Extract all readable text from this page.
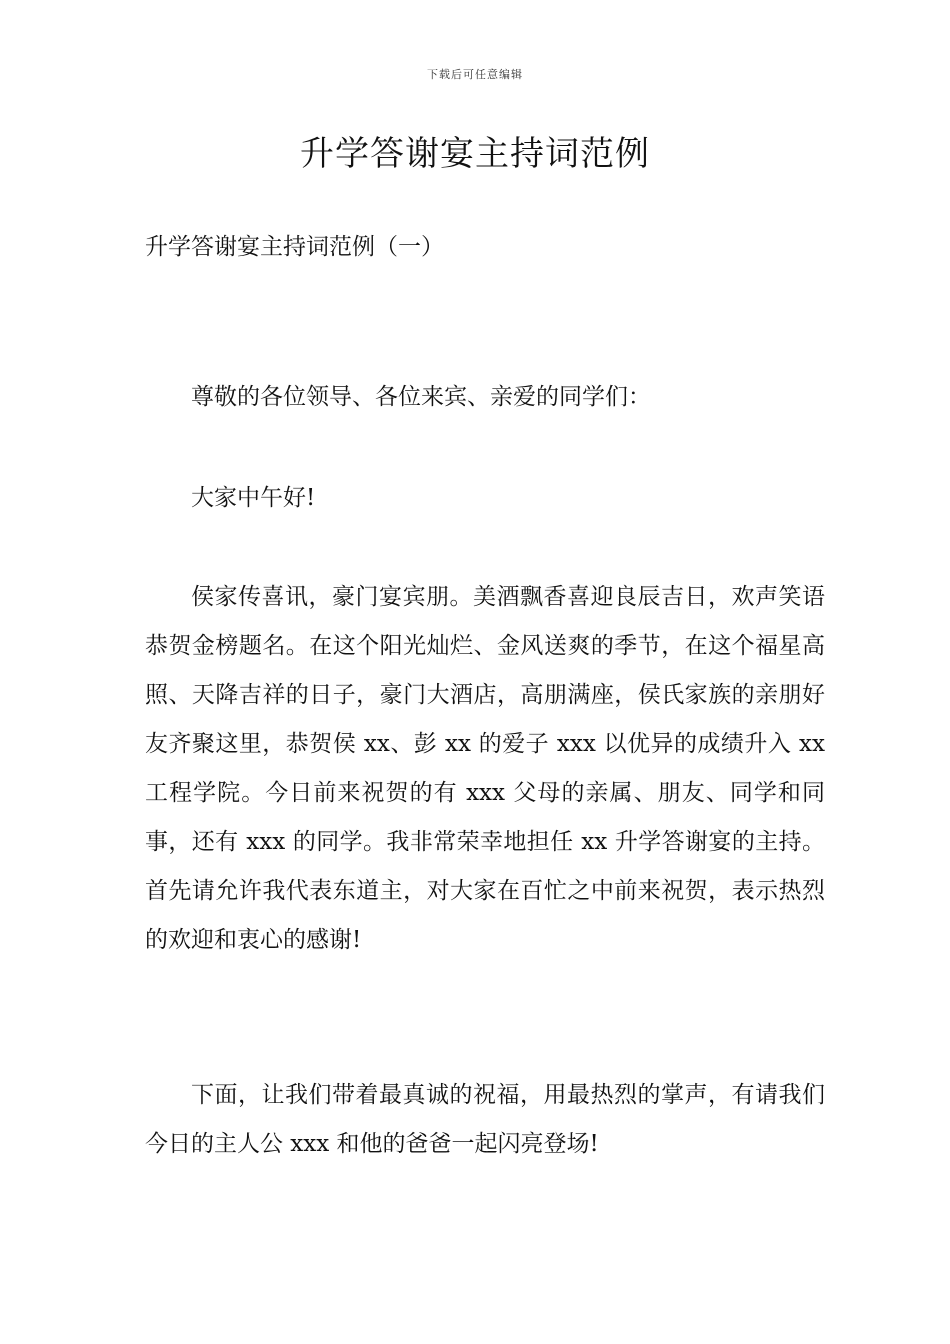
下载后可任意编辑
升学答谢宴主持词范例

升学答谢宴主持词范例（一）

尊敬的各位领导、各位来宾、亲爱的同学们：

大家中午好!

侯家传喜讯，豪门宴宾朋。美酒飘香喜迎良辰吉日，欢声笑语恭贺金榜题名。在这个阳光灿烂、金风送爽的季节，在这个福星高照、天降吉祥的日子，豪门大酒店，高朋满座，侯氏家族的亲朋好友齐聚这里，恭贺侯 xx、彭 xx 的爱子 xxx 以优异的成绩升入 xx 工程学院。今日前来祝贺的有 xxx 父母的亲属、朋友、同学和同事，还有 xxx 的同学。我非常荣幸地担任 xx 升学答谢宴的主持。首先请允许我代表东道主，对大家在百忙之中前来祝贺，表示热烈的欢迎和衷心的感谢!

下面，让我们带着最真诚的祝福，用最热烈的掌声，有请我们今日的主人公 xxx 和他的爸爸一起闪亮登场!
